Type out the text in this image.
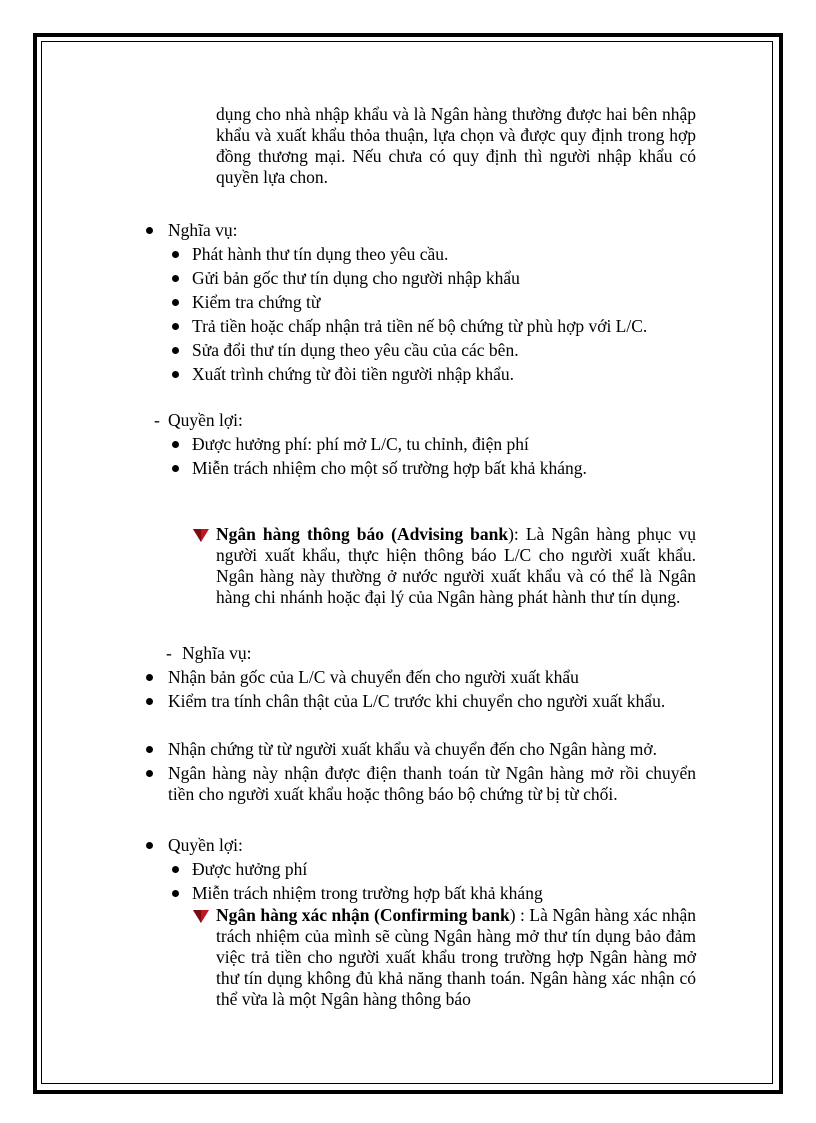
dụng cho nhà nhập khẩu và là Ngân hàng thường được hai bên nhập khẩu và xuất khẩu thỏa thuận, lựa chọn và được quy định trong hợp đồng thương mại. Nếu chưa có quy định thì người nhập khẩu có quyền lựa chon.
Nghĩa vụ:
Phát hành thư tín dụng theo yêu cầu.
Gửi bản gốc thư tín dụng cho người nhập khẩu
Kiểm tra chứng từ
Trả tiền hoặc chấp nhận trả tiền nế bộ chứng từ phù hợp với L/C.
Sửa đổi thư tín dụng theo yêu cầu của các bên.
Xuất trình chứng từ đòi tiền người nhập khẩu.
- Quyền lợi:
Được hưởng phí: phí mở L/C, tu chỉnh, điện phí
Miễn trách nhiệm cho một số trường hợp bất khả kháng.
Ngân hàng thông báo (Advising bank): Là Ngân hàng phục vụ người xuất khẩu, thực hiện thông báo L/C cho người xuất khẩu. Ngân hàng này thường ở nước người xuất khẩu và có thể là Ngân hàng chi nhánh hoặc đại lý của Ngân hàng phát hành thư tín dụng.
- Nghĩa vụ:
Nhận bản gốc của L/C và chuyển đến cho người xuất khẩu
Kiểm tra tính chân thật của L/C trước khi chuyển cho người xuất khẩu.
Nhận chứng từ từ người xuất khẩu và chuyển đến cho Ngân hàng mở.
Ngân hàng này nhận được điện thanh toán từ Ngân hàng mở rồi chuyển tiền cho người xuất khẩu hoặc thông báo bộ chứng từ bị từ chối.
Quyền lợi:
Được hưởng phí
Miễn trách nhiệm trong trường hợp bất khả kháng
Ngân hàng xác nhận (Confirming bank) : Là Ngân hàng xác nhận trách nhiệm của mình sẽ cùng Ngân hàng mở thư tín dụng bảo đảm việc trả tiền cho người xuất khẩu trong trường hợp Ngân hàng mở thư tín dụng không đủ khả năng thanh toán. Ngân hàng xác nhận có thể vừa là một Ngân hàng thông báo
